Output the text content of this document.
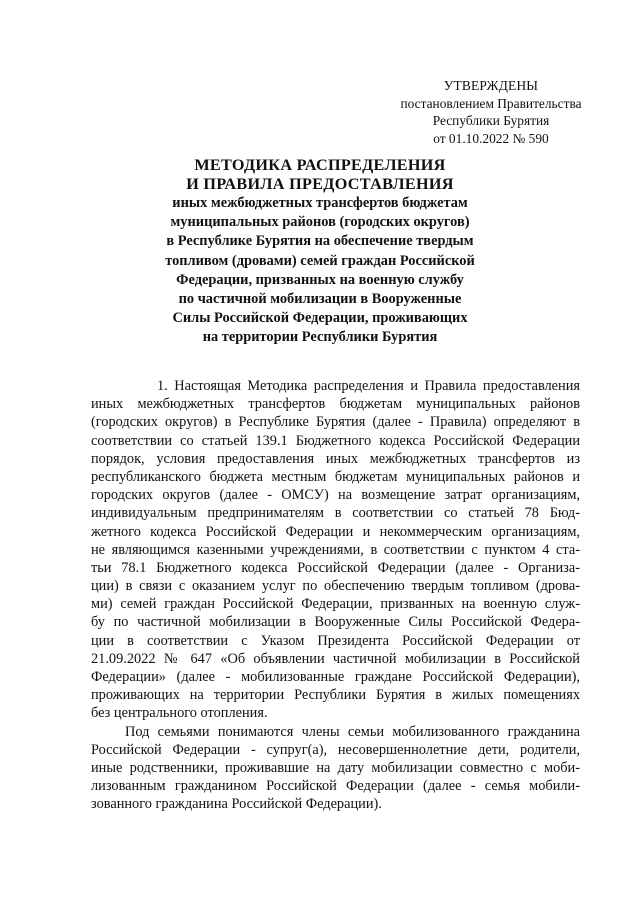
УТВЕРЖДЕНЫ
постановлением Правительства
Республики Бурятия
от 01.10.2022 № 590
МЕТОДИКА РАСПРЕДЕЛЕНИЯ
И ПРАВИЛА ПРЕДОСТАВЛЕНИЯ
иных межбюджетных трансфертов бюджетам
муниципальных районов (городских округов)
в Республике Бурятия на обеспечение твердым
топливом (дровами) семей граждан Российской
Федерации, призванных на военную службу
по частичной мобилизации в Вооруженные
Силы Российской Федерации, проживающих
на территории Республики Бурятия
1. Настоящая Методика распределения и Правила предоставления
иных межбюджетных трансфертов бюджетам муниципальных районов
(городских округов) в Республике Бурятия (далее - Правила) определяют в
соответствии со статьей 139.1 Бюджетного кодекса Российской Федерации
порядок, условия предоставления иных межбюджетных трансфертов из
республиканского бюджета местным бюджетам муниципальных районов и
городских округов (далее - ОМСУ) на возмещение затрат организациям,
индивидуальным предпринимателям в соответствии со статьей 78 Бюд-
жетного кодекса Российской Федерации и некоммерческим организациям,
не являющимся казенными учреждениями, в соответствии с пунктом 4 ста-
тьи 78.1 Бюджетного кодекса Российской Федерации (далее - Организа-
ции) в связи с оказанием услуг по обеспечению твердым топливом (дрова-
ми) семей граждан Российской Федерации, призванных на военную служ-
бу по частичной мобилизации в Вооруженные Силы Российской Федера-
ции в соответствии с Указом Президента Российской Федерации от
21.09.2022 № 647 «Об объявлении частичной мобилизации в Российской
Федерации» (далее - мобилизованные граждане Российской Федерации),
проживающих на территории Республики Бурятия в жилых помещениях
без центрального отопления.
Под семьями понимаются члены семьи мобилизованного гражданина
Российской Федерации - супруг(а), несовершеннолетние дети, родители,
иные родственники, проживавшие на дату мобилизации совместно с моби-
лизованным гражданином Российской Федерации (далее - семья мобили-
зованного гражданина Российской Федерации).
